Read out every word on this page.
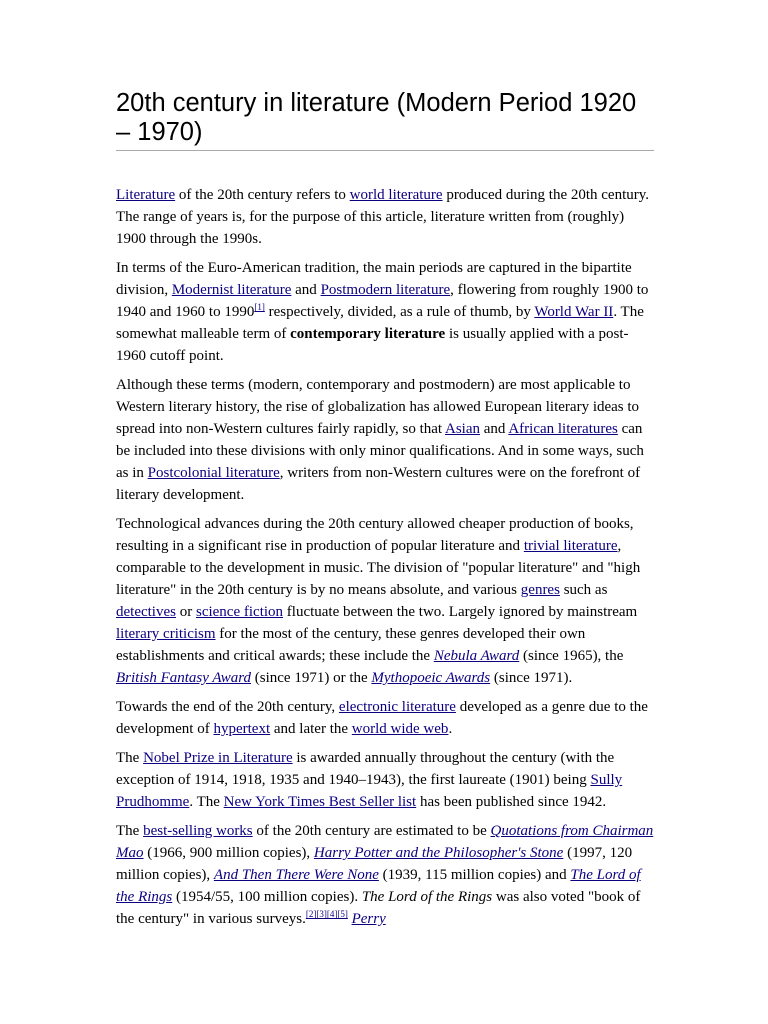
20th century in literature (Modern Period 1920 – 1970)

Literature of the 20th century refers to world literature produced during the 20th century. The range of years is, for the purpose of this article, literature written from (roughly) 1900 through the 1990s.

In terms of the Euro-American tradition, the main periods are captured in the bipartite division, Modernist literature and Postmodern literature, flowering from roughly 1900 to 1940 and 1960 to 1990[1] respectively, divided, as a rule of thumb, by World War II. The somewhat malleable term of contemporary literature is usually applied with a post-1960 cutoff point.

Although these terms (modern, contemporary and postmodern) are most applicable to Western literary history, the rise of globalization has allowed European literary ideas to spread into non-Western cultures fairly rapidly, so that Asian and African literatures can be included into these divisions with only minor qualifications. And in some ways, such as in Postcolonial literature, writers from non-Western cultures were on the forefront of literary development.

Technological advances during the 20th century allowed cheaper production of books, resulting in a significant rise in production of popular literature and trivial literature, comparable to the development in music. The division of "popular literature" and "high literature" in the 20th century is by no means absolute, and various genres such as detectives or science fiction fluctuate between the two. Largely ignored by mainstream literary criticism for the most of the century, these genres developed their own establishments and critical awards; these include the Nebula Award (since 1965), the British Fantasy Award (since 1971) or the Mythopoeic Awards (since 1971).

Towards the end of the 20th century, electronic literature developed as a genre due to the development of hypertext and later the world wide web.

The Nobel Prize in Literature is awarded annually throughout the century (with the exception of 1914, 1918, 1935 and 1940–1943), the first laureate (1901) being Sully Prudhomme. The New York Times Best Seller list has been published since 1942.

The best-selling works of the 20th century are estimated to be Quotations from Chairman Mao (1966, 900 million copies), Harry Potter and the Philosopher's Stone (1997, 120 million copies), And Then There Were None (1939, 115 million copies) and The Lord of the Rings (1954/55, 100 million copies). The Lord of the Rings was also voted "book of the century" in various surveys.[2][3][4][5] Perry
